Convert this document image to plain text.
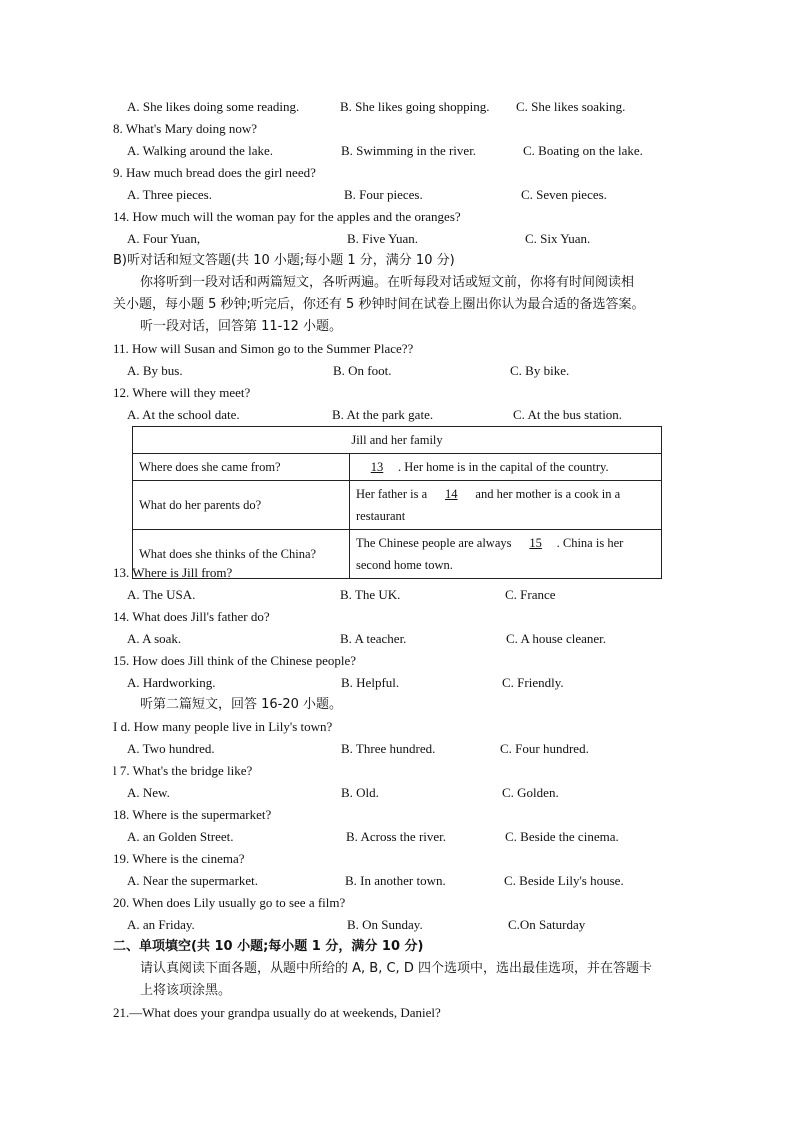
A. She likes doing some reading.	B. She likes going shopping. C. She likes soaking.
8. What's Mary doing now?
A. Walking around the lake.	B. Swimming in the river.	C. Boating on the lake.
9. Haw much bread does the girl need?
A. Three pieces.	B. Four pieces.	C. Seven pieces.
14. How much will the woman pay for the apples and the oranges?
A. Four Yuan,	B. Five Yuan.	C. Six Yuan.
B)听对话和短文答题(共 10 小题;每小题 1 分，满分 10 分)
你将听到一段对话和两篇短文，各听两遍。在听每段对话或短文前，你将有时间阅读相
关小题，每小题 5 秒钟;听完后，你还有 5 秒钟时间在试卷上圈出你认为最合适的备选答案。
听一段对话，回答第 11-12 小题。
11. How will Susan and Simon go to the Summer Place??
A. By bus.	B. On foot.	C. By bike.
12. Where will they meet?
A. At the school date.	B. At the park gate.	C. At the bus station.
13. Where is Jill from?
A. The USA.	B. The UK.	C. France
14. What does Jill's father do?
A. A soak.	B. A teacher.	C. A house cleaner.
15. How does Jill think of the Chinese people?
A. Hardworking.	B. Helpful.	C. Friendly.
听第二篇短文，回答 16-20 小题。
I d. How many people live in Lily's town?
A. Two hundred.	B. Three hundred.	C. Four hundred.
l 7. What's the bridge like?
A. New.	B. Old.	C. Golden.
18. Where is the supermarket?
A. an Golden Street.	B. Across the river.	C. Beside the cinema.
19. Where is the cinema?
A. Near the supermarket.	B. In another town.	C. Beside Lily's house.
20. When does Lily usually go to see a film?
A. an Friday.	B. On Sunday.	C.On Saturday
二、单项填空(共 10 小题;每小题 1 分，满分 10 分)
请认真阅读下面各题，从题中所给的 A, B, C, D 四个选项中，选出最佳选项，并在答题卡
上将该项涂黑。
21.—What does your grandpa usually do at weekends, Daniel?
Jill and her family	
Where does she came from?	13 . Her home is in the capital of the country.
What do her parents do?	Her father is a 14 and her mother is a cook in a restaurant
What does she thinks of the China?	The Chinese people are always 15 . China is her second home town.
